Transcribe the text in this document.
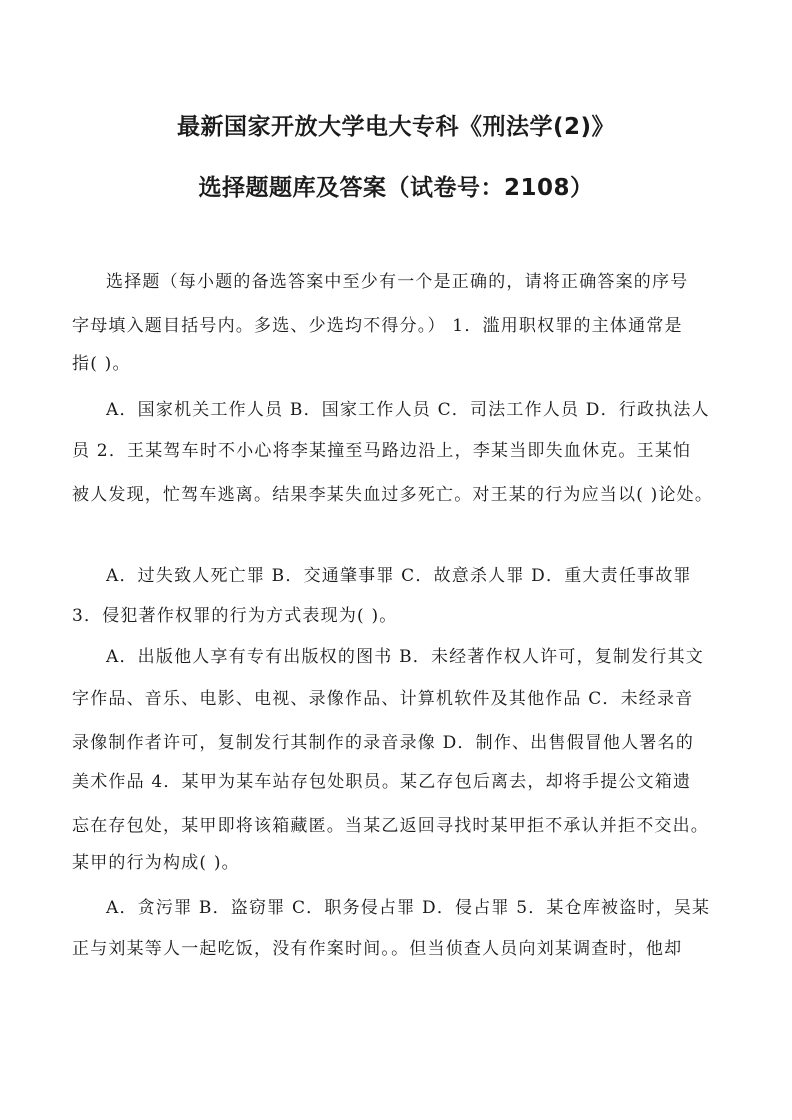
最新国家开放大学电大专科《刑法学(2)》
选择题题库及答案（试卷号：2108）
选择题（每小题的备选答案中至少有一个是正确的，请将正确答案的序号
字母填入题目括号内。多选、少选均不得分。） 1．滥用职权罪的主体通常是
指( )。
A．国家机关工作人员 B．国家工作人员 C．司法工作人员 D．行政执法人
员 2．王某驾车时不小心将李某撞至马路边沿上，李某当即失血休克。王某怕
被人发现，忙驾车逃离。结果李某失血过多死亡。对王某的行为应当以( )论处。
A．过失致人死亡罪 B．交通肇事罪 C．故意杀人罪 D．重大责任事故罪
3．侵犯著作权罪的行为方式表现为( )。
A．出版他人享有专有出版权的图书 B．未经著作权人许可，复制发行其文
字作品、音乐、电影、电视、录像作品、计算机软件及其他作品 C．未经录音
录像制作者许可，复制发行其制作的录音录像 D．制作、出售假冒他人署名的
美术作品 4．某甲为某车站存包处职员。某乙存包后离去，却将手提公文箱遗
忘在存包处，某甲即将该箱藏匿。当某乙返回寻找时某甲拒不承认并拒不交出。
某甲的行为构成( )。
A．贪污罪 B．盗窃罪 C．职务侵占罪 D．侵占罪 5．某仓库被盗时，吴某
正与刘某等人一起吃饭，没有作案时间。。但当侦查人员向刘某调查时，他却
